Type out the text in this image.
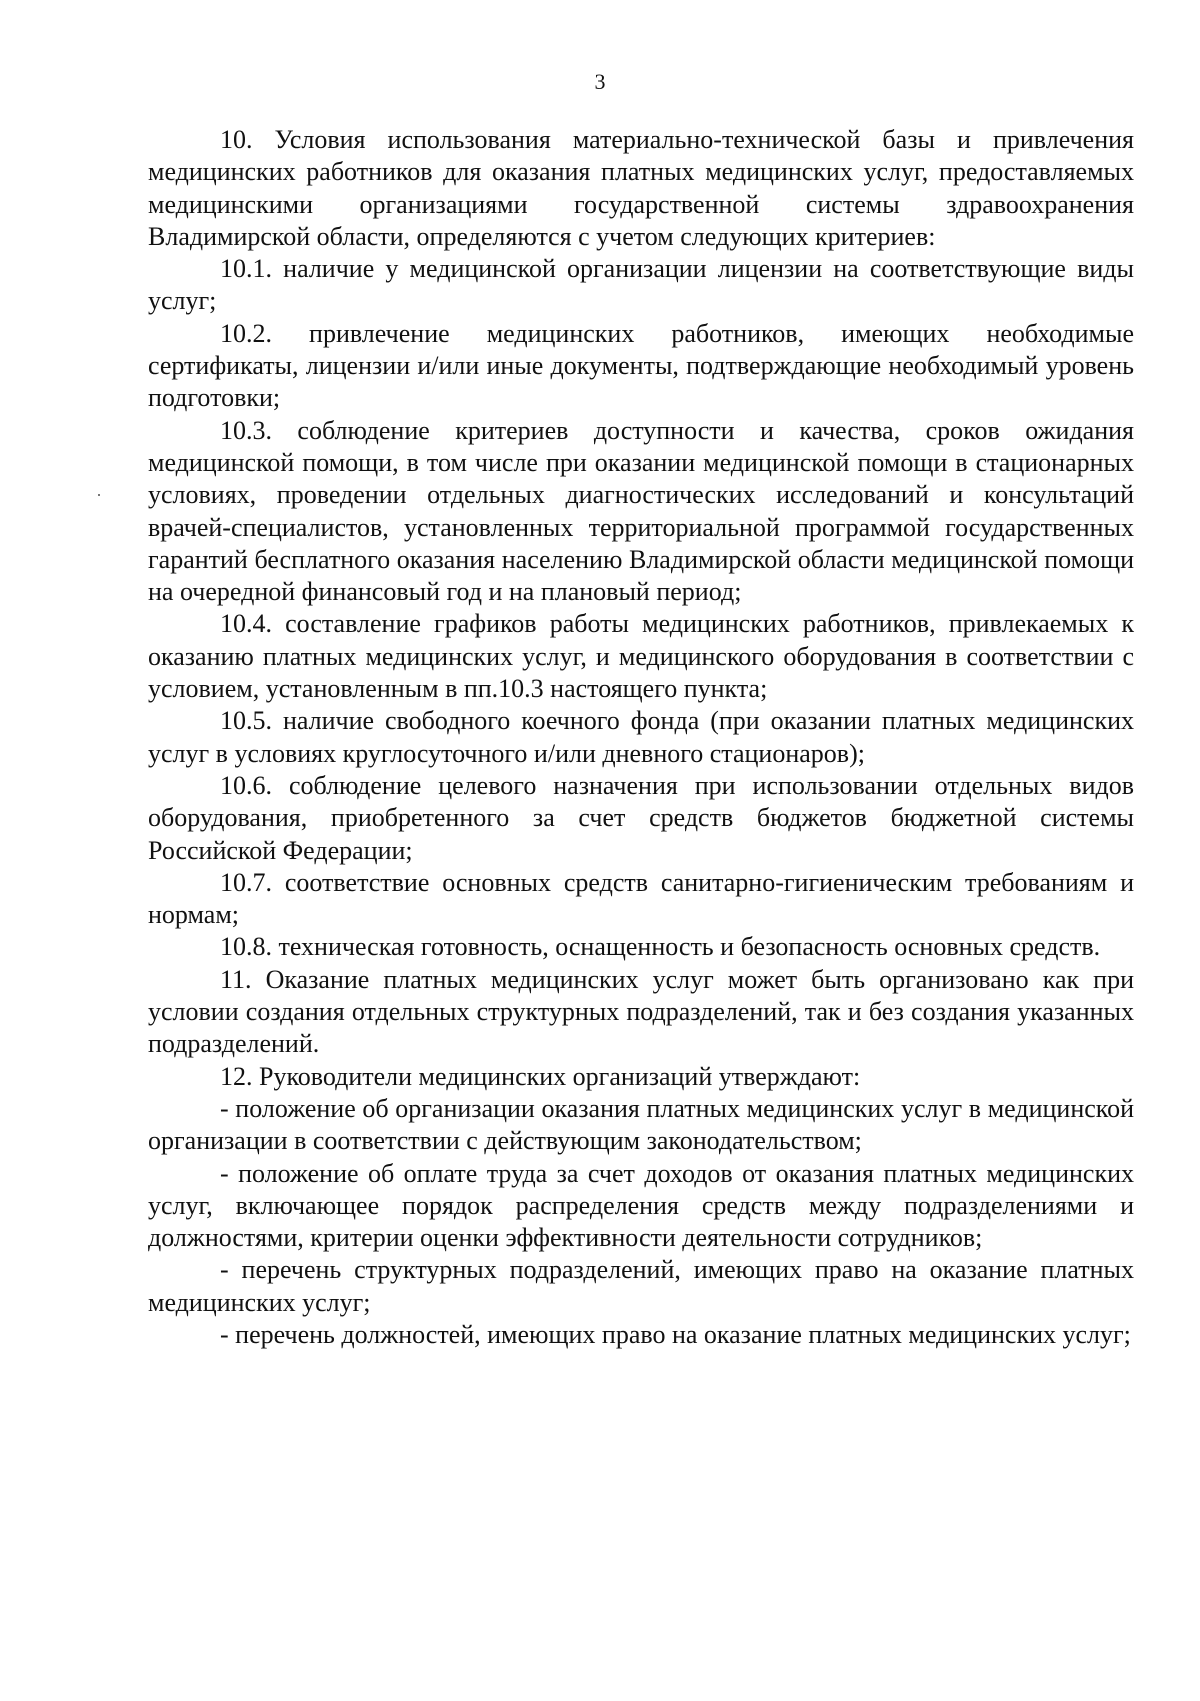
3

10. Условия использования материально-технической базы и привлечения медицинских работников для оказания платных медицинских услуг, предоставляемых медицинскими организациями государственной системы здравоохранения Владимирской области, определяются с учетом следующих критериев:

10.1. наличие у медицинской организации лицензии на соответствующие виды услуг;

10.2. привлечение медицинских работников, имеющих необходимые сертификаты, лицензии и/или иные документы, подтверждающие необходимый уровень подготовки;

10.3. соблюдение критериев доступности и качества, сроков ожидания медицинской помощи, в том числе при оказании медицинской помощи в стационарных условиях, проведении отдельных диагностических исследований и консультаций врачей-специалистов, установленных территориальной программой государственных гарантий бесплатного оказания населению Владимирской области медицинской помощи на очередной финансовый год и на плановый период;

10.4. составление графиков работы медицинских работников, привлекаемых к оказанию платных медицинских услуг, и медицинского оборудования в соответствии с условием, установленным в пп.10.3 настоящего пункта;

10.5. наличие свободного коечного фонда (при оказании платных медицинских услуг в условиях круглосуточного и/или дневного стационаров);

10.6. соблюдение целевого назначения при использовании отдельных видов оборудования, приобретенного за счет средств бюджетов бюджетной системы Российской Федерации;

10.7. соответствие основных средств санитарно-гигиеническим требованиям и нормам;

10.8. техническая готовность, оснащенность и безопасность основных средств.

11. Оказание платных медицинских услуг может быть организовано как при условии создания отдельных структурных подразделений, так и без создания указанных подразделений.

12. Руководители медицинских организаций утверждают:

- положение об организации оказания платных медицинских услуг в медицинской организации в соответствии с действующим законодательством;

- положение об оплате труда за счет доходов от оказания платных медицинских услуг, включающее порядок распределения средств между подразделениями и должностями, критерии оценки эффективности деятельности сотрудников;

- перечень структурных подразделений, имеющих право на оказание платных медицинских услуг;

- перечень должностей, имеющих право на оказание платных медицинских услуг;
